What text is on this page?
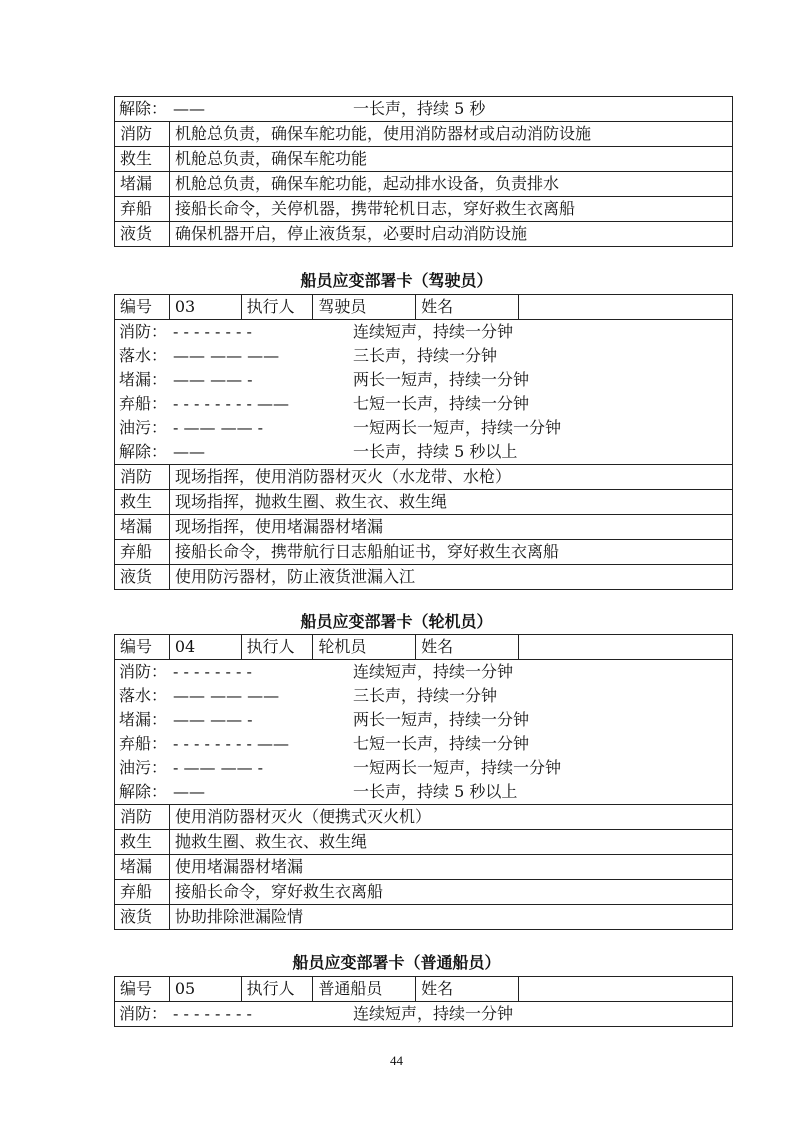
解除： ——	一长声，持续 5 秒
消防	机舱总负责，确保车舵功能，使用消防器材或启动消防设施
救生	机舱总负责，确保车舵功能
堵漏	机舱总负责，确保车舵功能，起动排水设备，负责排水
弃船	接船长命令，关停机器，携带轮机日志，穿好救生衣离船
液货	确保机器开启，停止液货泵，必要时启动消防设施
船员应变部署卡（驾驶员）
编号	03	执行人	驾驶员	姓名
消防： - - - - - - - -	连续短声，持续一分钟
落水： —— —— ——	三长声，持续一分钟
堵漏： —— —— -	两长一短声，持续一分钟
弃船： - - - - - - - - ——	七短一长声，持续一分钟
油污： - —— —— -	一短两长一短声，持续一分钟
解除： ——	一长声，持续 5 秒以上
消防	现场指挥，使用消防器材灭火（水龙带、水枪）
救生	现场指挥，抛救生圈、救生衣、救生绳
堵漏	现场指挥，使用堵漏器材堵漏
弃船	接船长命令，携带航行日志船舶证书，穿好救生衣离船
液货	使用防污器材，防止液货泄漏入江
船员应变部署卡（轮机员）
编号	04	执行人	轮机员	姓名
消防： - - - - - - - -	连续短声，持续一分钟
落水： —— —— ——	三长声，持续一分钟
堵漏： —— —— -	两长一短声，持续一分钟
弃船： - - - - - - - - ——	七短一长声，持续一分钟
油污： - —— —— -	一短两长一短声，持续一分钟
解除： ——	一长声，持续 5 秒以上
消防	使用消防器材灭火（便携式灭火机）
救生	抛救生圈、救生衣、救生绳
堵漏	使用堵漏器材堵漏
弃船	接船长命令，穿好救生衣离船
液货	协助排除泄漏险情
船员应变部署卡（普通船员）
编号	05	执行人	普通船员	姓名
消防： - - - - - - - -	连续短声，持续一分钟
44
